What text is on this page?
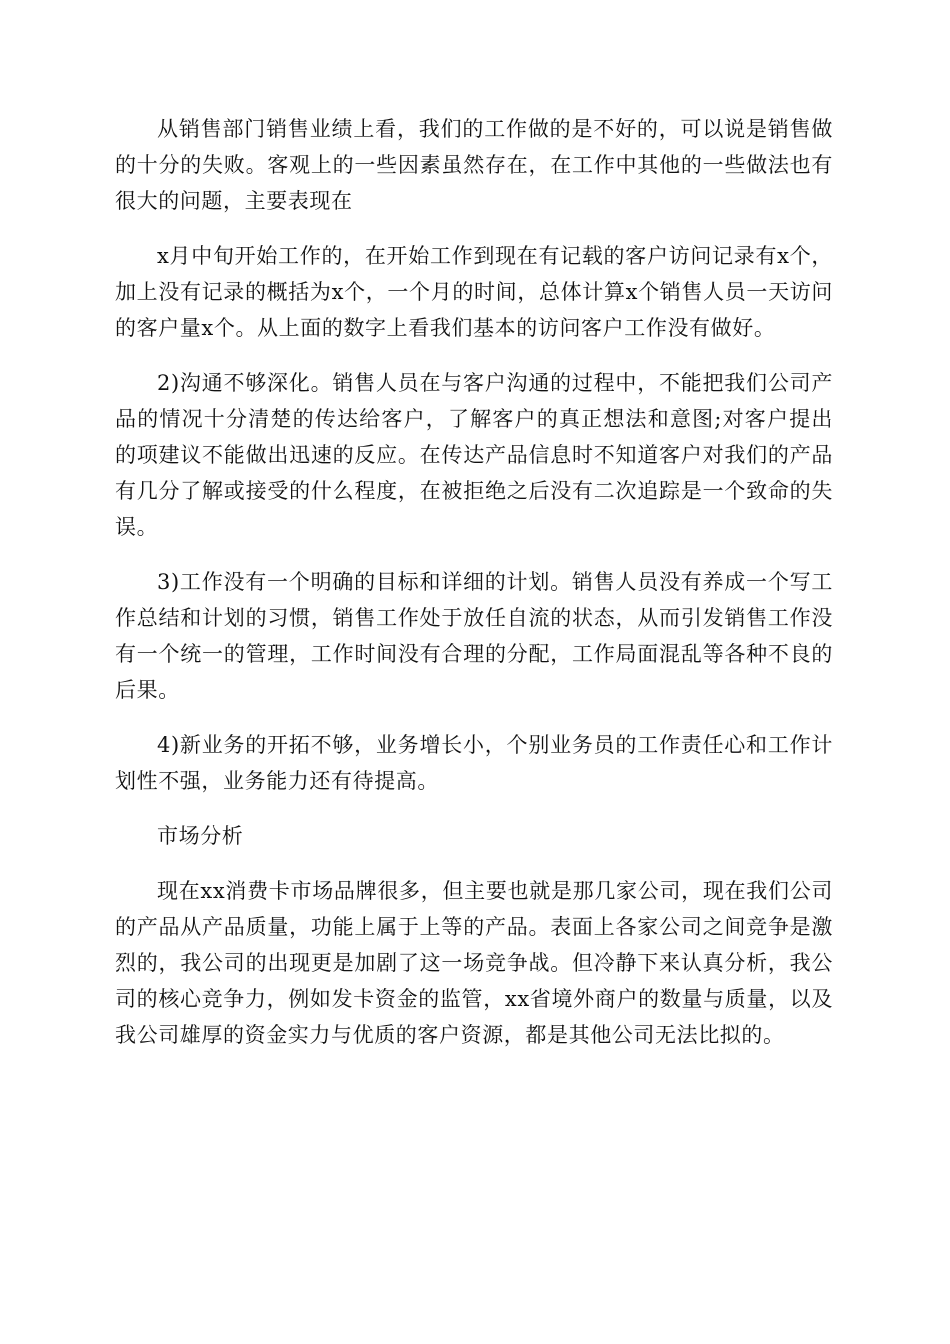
从销售部门销售业绩上看，我们的工作做的是不好的，可以说是销售做的十分的失败。客观上的一些因素虽然存在，在工作中其他的一些做法也有很大的问题，主要表现在

x月中旬开始工作的，在开始工作到现在有记载的客户访问记录有x个，加上没有记录的概括为x个，一个月的时间，总体计算x个销售人员一天访问的客户量x个。从上面的数字上看我们基本的访问客户工作没有做好。

2)沟通不够深化。销售人员在与客户沟通的过程中，不能把我们公司产品的情况十分清楚的传达给客户，了解客户的真正想法和意图;对客户提出的项建议不能做出迅速的反应。在传达产品信息时不知道客户对我们的产品有几分了解或接受的什么程度，在被拒绝之后没有二次追踪是一个致命的失误。

3)工作没有一个明确的目标和详细的计划。销售人员没有养成一个写工作总结和计划的习惯，销售工作处于放任自流的状态，从而引发销售工作没有一个统一的管理，工作时间没有合理的分配，工作局面混乱等各种不良的后果。

4)新业务的开拓不够，业务增长小，个别业务员的工作责任心和工作计划性不强，业务能力还有待提高。

市场分析

现在xx消费卡市场品牌很多，但主要也就是那几家公司，现在我们公司的产品从产品质量，功能上属于上等的产品。表面上各家公司之间竞争是激烈的，我公司的出现更是加剧了这一场竞争战。但冷静下来认真分析，我公司的核心竞争力，例如发卡资金的监管，xx省境外商户的数量与质量，以及我公司雄厚的资金实力与优质的客户资源，都是其他公司无法比拟的。
